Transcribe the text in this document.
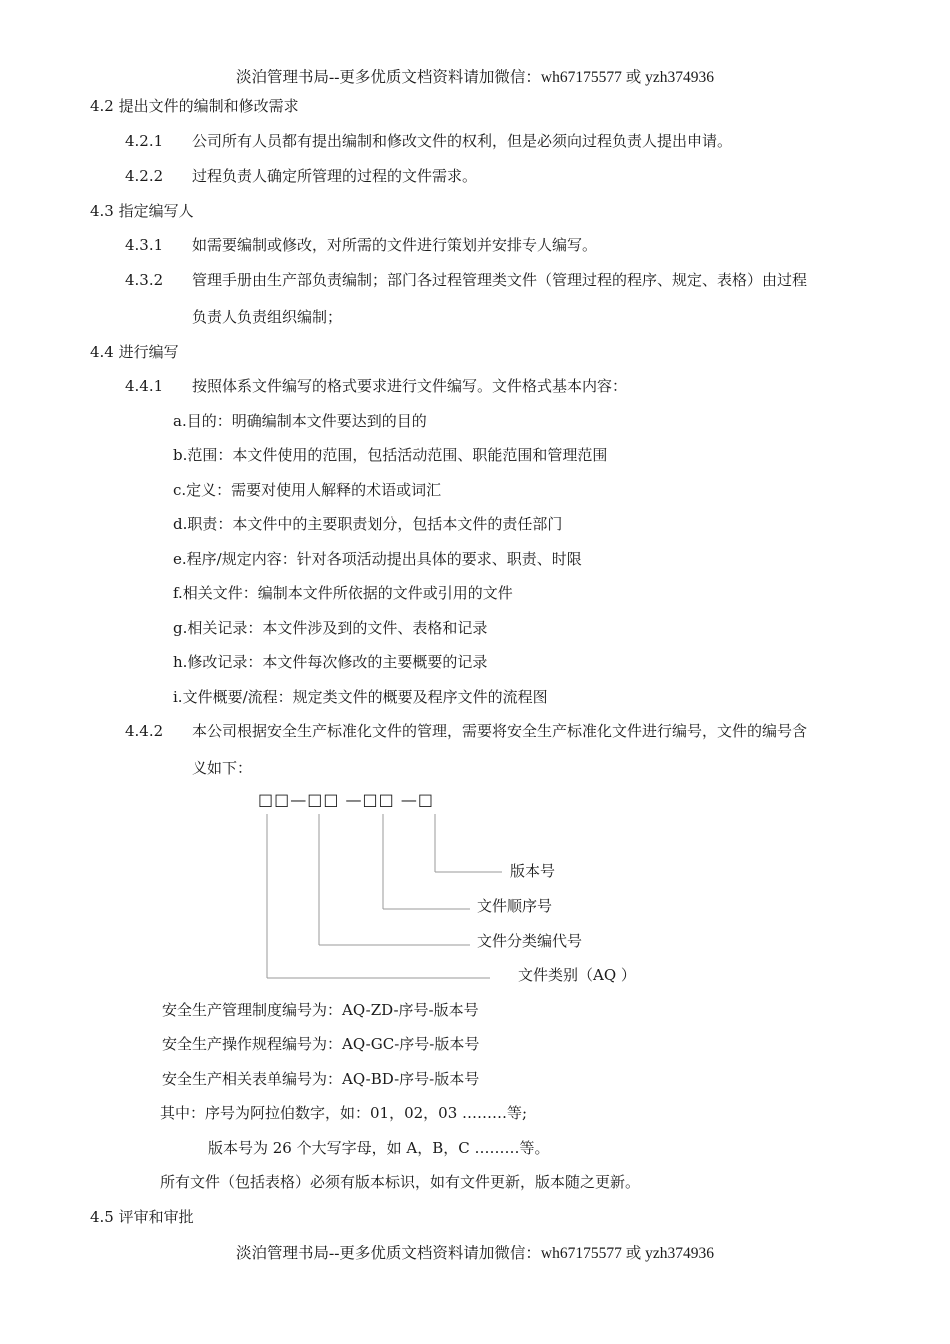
淡泊管理书局--更多优质文档资料请加微信：wh67175577 或 yzh374936
4.2 提出文件的编制和修改需求
4.2.1 公司所有人员都有提出编制和修改文件的权利，但是必须向过程负责人提出申请。
4.2.2 过程负责人确定所管理的过程的文件需求。
4.3 指定编写人
4.3.1 如需要编制或修改，对所需的文件进行策划并安排专人编写。
4.3.2 管理手册由生产部负责编制；部门各过程管理类文件（管理过程的程序、规定、表格）由过程
负责人负责组织编制；
4.4 进行编写
4.4.1 按照体系文件编写的格式要求进行文件编写。文件格式基本内容：
a.目的：明确编制本文件要达到的目的
b.范围：本文件使用的范围，包括活动范围、职能范围和管理范围
c.定义：需要对使用人解释的术语或词汇
d.职责：本文件中的主要职责划分，包括本文件的责任部门
e.程序/规定内容：针对各项活动提出具体的要求、职责、时限
f.相关文件：编制本文件所依据的文件或引用的文件
g.相关记录：本文件涉及到的文件、表格和记录
h.修改记录：本文件每次修改的主要概要的记录
i.文件概要/流程：规定类文件的概要及程序文件的流程图
4.4.2 本公司根据安全生产标准化文件的管理，需要将安全生产标准化文件进行编号，文件的编号含
义如下：
□□—□□ —□□ —□
版本号
文件顺序号
文件分类编代号
文件类别（AQ ）
安全生产管理制度编号为：AQ-ZD-序号-版本号
安全生产操作规程编号为：AQ-GC-序号-版本号
安全生产相关表单编号为：AQ-BD-序号-版本号
其中：序号为阿拉伯数字，如：01，02，03 ………等;
版本号为 26 个大写字母，如 A，B，C ………等。
所有文件（包括表格）必须有版本标识，如有文件更新，版本随之更新。
4.5 评审和审批
淡泊管理书局--更多优质文档资料请加微信：wh67175577 或 yzh374936
